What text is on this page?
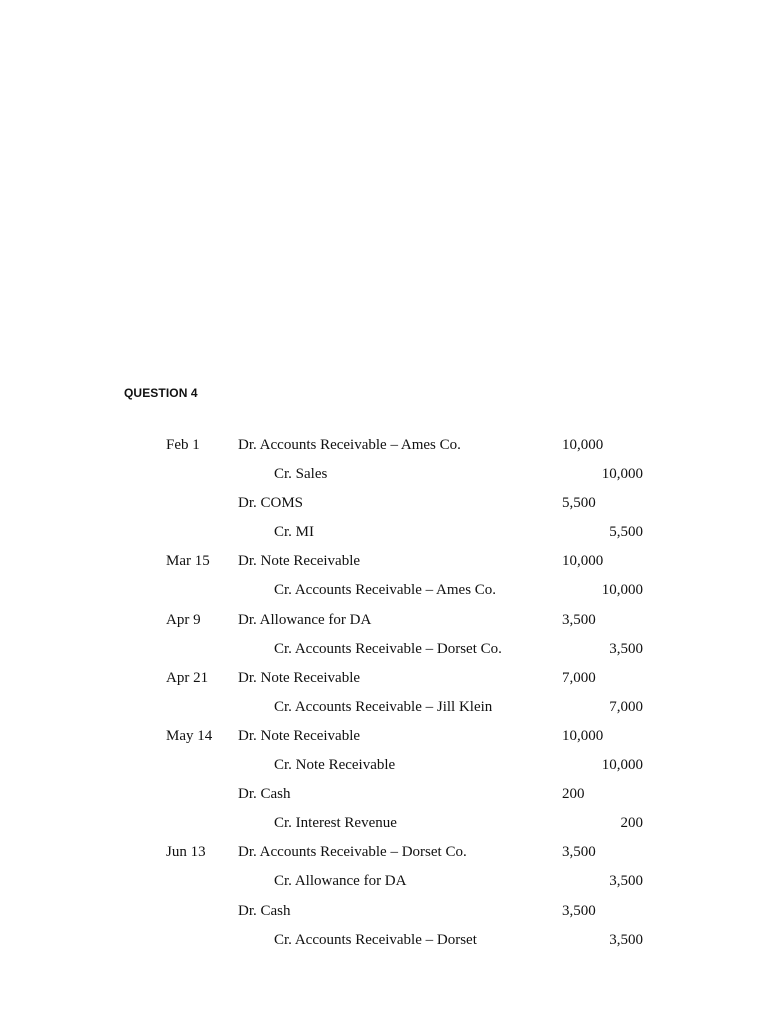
QUESTION 4
Feb 1	Dr. Accounts Receivable – Ames Co.	10,000
Cr. Sales	10,000
Dr. COMS	5,500
Cr. MI	5,500
Mar 15 Dr. Note Receivable	10,000
Cr. Accounts Receivable – Ames Co.	10,000
Apr 9 Dr. Allowance for DA	3,500
Cr. Accounts Receivable – Dorset Co.	3,500
Apr 21 Dr. Note Receivable	7,000
Cr. Accounts Receivable – Jill Klein	7,000
May 14 Dr. Note Receivable	10,000
Cr. Note Receivable	10,000
Dr. Cash	200
Cr. Interest Revenue	200
Jun 13 Dr. Accounts Receivable – Dorset Co.	3,500
Cr. Allowance for DA	3,500
Dr. Cash	3,500
Cr. Accounts Receivable – Dorset	3,500
